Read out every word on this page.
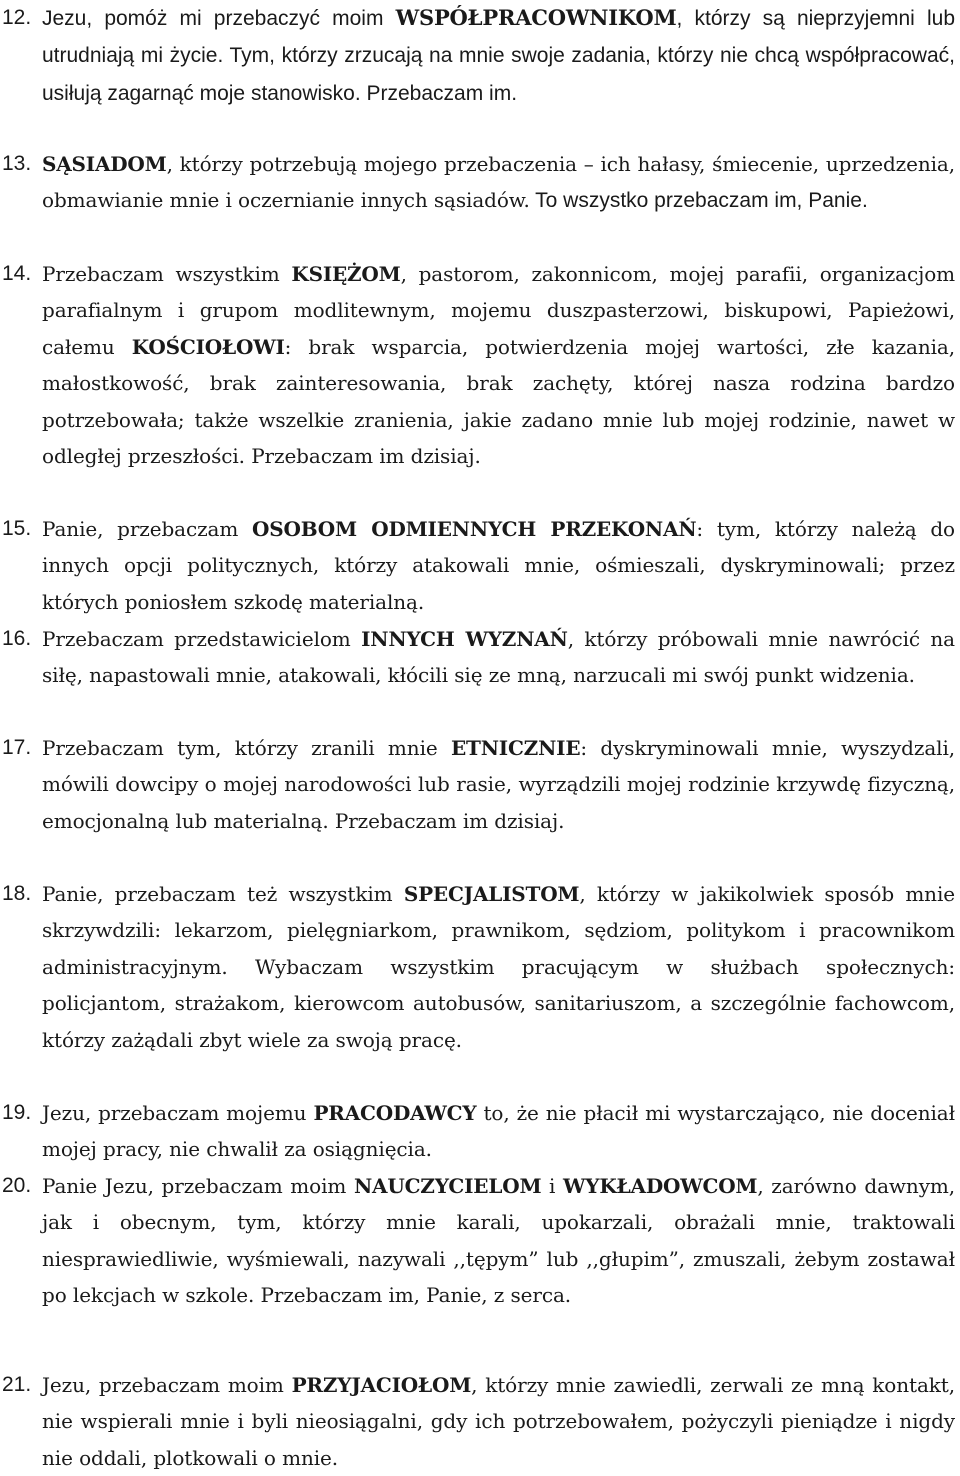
12. Jezu, pomóż mi przebaczyć moim WSPÓŁPRACOWNIKOM, którzy są nieprzyjemni lub utrudniają mi życie. Tym, którzy zrzucają na mnie swoje zadania, którzy nie chcą współpracować, usiłują zagarnąć moje stanowisko. Przebaczam im.
13. SĄSIADOM, którzy potrzebują mojego przebaczenia – ich hałasy, śmiecenie, uprzedzenia, obmawianie mnie i oczernianie innych sąsiadów. To wszystko przebaczam im, Panie.
14. Przebaczam wszystkim KSIĘŻOM, pastorom, zakonnicom, mojej parafii, organizacjom parafialnym i grupom modlitewnym, mojemu duszpasterzowi, biskupowi, Papieżowi, całemu KOŚCIOŁOWI: brak wsparcia, potwierdzenia mojej wartości, złe kazania, małostkowość, brak zainteresowania, brak zachęty, której nasza rodzina bardzo potrzebowała; także wszelkie zranienia, jakie zadano mnie lub mojej rodzinie, nawet w odległej przeszłości. Przebaczam im dzisiaj.
15. Panie, przebaczam OSOBOM ODMIENNYCH PRZEKONAŃ: tym, którzy należą do innych opcji politycznych, którzy atakowali mnie, ośmieszali, dyskryminowali; przez których poniosłem szkodę materialną.
16. Przebaczam przedstawicielom INNYCH WYZNAŃ, którzy próbowali mnie nawrócić na siłę, napastowali mnie, atakowali, kłócili się ze mną, narzucali mi swój punkt widzenia.
17. Przebaczam tym, którzy zranili mnie ETNICZNIE: dyskryminowali mnie, wyszydzali, mówili dowcipy o mojej narodowości lub rasie, wyrządzili mojej rodzinie krzywdę fizyczną, emocjonalną lub materialną. Przebaczam im dzisiaj.
18. Panie, przebaczam też wszystkim SPECJALISTOM, którzy w jakikolwiek sposób mnie skrzywdzili: lekarzom, pielęgniarkom, prawnikom, sędziom, politykom i pracownikom administracyjnym. Wybaczam wszystkim pracującym w służbach społecznych: policjantom, strażakom, kierowcom autobusów, sanitariuszom, a szczególnie fachowcom, którzy zażądali zbyt wiele za swoją pracę.
19. Jezu, przebaczam mojemu PRACODAWCY to, że nie płacił mi wystarczająco, nie doceniał mojej pracy, nie chwalił za osiągnięcia.
20. Panie Jezu, przebaczam moim NAUCZYCIELOM i WYKŁADOWCOM, zarówno dawnym, jak i obecnym, tym, którzy mnie karali, upokarzali, obrażali mnie, traktowali niesprawiedliwie, wyśmiewali, nazywali ,,tępym” lub ,,głupim”, zmuszali, żebym zostawał po lekcjach w szkole. Przebaczam im, Panie, z serca.
21. Jezu, przebaczam moim PRZYJACIOŁOM, którzy mnie zawiedli, zerwali ze mną kontakt, nie wspierali mnie i byli nieosiągalni, gdy ich potrzebowałem, pożyczyli pieniądze i nigdy nie oddali, plotkowali o mnie.
